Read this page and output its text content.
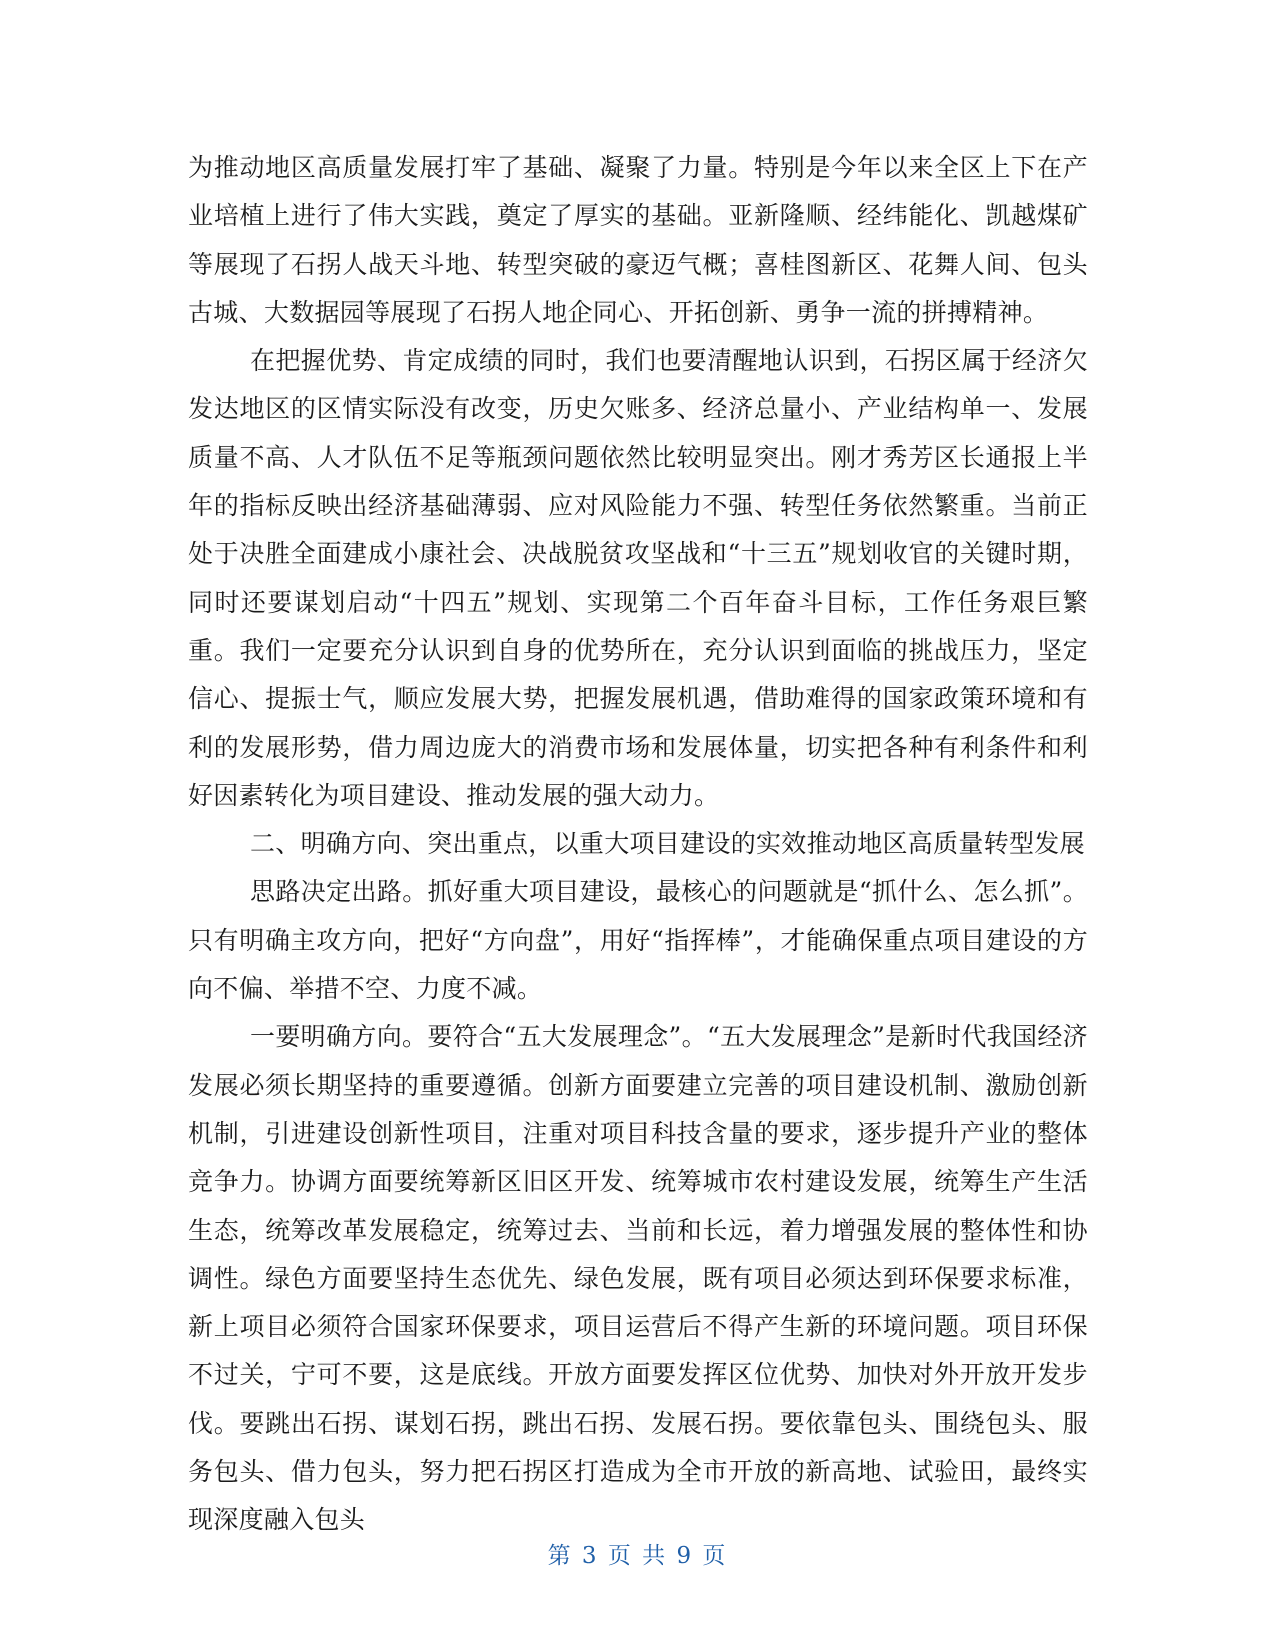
为推动地区高质量发展打牢了基础、凝聚了力量。特别是今年以来全区上下在产业培植上进行了伟大实践，奠定了厚实的基础。亚新隆顺、经纬能化、凯越煤矿等展现了石拐人战天斗地、转型突破的豪迈气概；喜桂图新区、花舞人间、包头古城、大数据园等展现了石拐人地企同心、开拓创新、勇争一流的拼搏精神。

在把握优势、肯定成绩的同时，我们也要清醒地认识到，石拐区属于经济欠发达地区的区情实际没有改变，历史欠账多、经济总量小、产业结构单一、发展质量不高、人才队伍不足等瓶颈问题依然比较明显突出。刚才秀芳区长通报上半年的指标反映出经济基础薄弱、应对风险能力不强、转型任务依然繁重。当前正处于决胜全面建成小康社会、决战脱贫攻坚战和“十三五”规划收官的关键时期，同时还要谋划启动“十四五”规划、实现第二个百年奋斗目标，工作任务艰巨繁重。我们一定要充分认识到自身的优势所在，充分认识到面临的挑战压力，坚定信心、提振士气，顺应发展大势，把握发展机遇，借助难得的国家政策环境和有利的发展形势，借力周边庞大的消费市场和发展体量，切实把各种有利条件和利好因素转化为项目建设、推动发展的强大动力。

二、明确方向、突出重点，以重大项目建设的实效推动地区高质量转型发展

思路决定出路。抓好重大项目建设，最核心的问题就是“抓什么、怎么抓”。只有明确主攻方向，把好“方向盘”，用好“指挥棒”，才能确保重点项目建设的方向不偏、举措不空、力度不减。

一要明确方向。要符合“五大发展理念”。“五大发展理念”是新时代我国经济发展必须长期坚持的重要遵循。创新方面要建立完善的项目建设机制、激励创新机制，引进建设创新性项目，注重对项目科技含量的要求，逐步提升产业的整体竞争力。协调方面要统筹新区旧区开发、统筹城市农村建设发展，统筹生产生活生态，统筹改革发展稳定，统筹过去、当前和长远，着力增强发展的整体性和协调性。绿色方面要坚持生态优先、绿色发展，既有项目必须达到环保要求标准，新上项目必须符合国家环保要求，项目运营后不得产生新的环境问题。项目环保不过关，宁可不要，这是底线。开放方面要发挥区位优势、加快对外开放开发步伐。要跳出石拐、谋划石拐，跳出石拐、发展石拐。要依靠包头、围绕包头、服务包头、借力包头，努力把石拐区打造成为全市开放的新高地、试验田，最终实现深度融入包头

第 3 页 共 9 页
